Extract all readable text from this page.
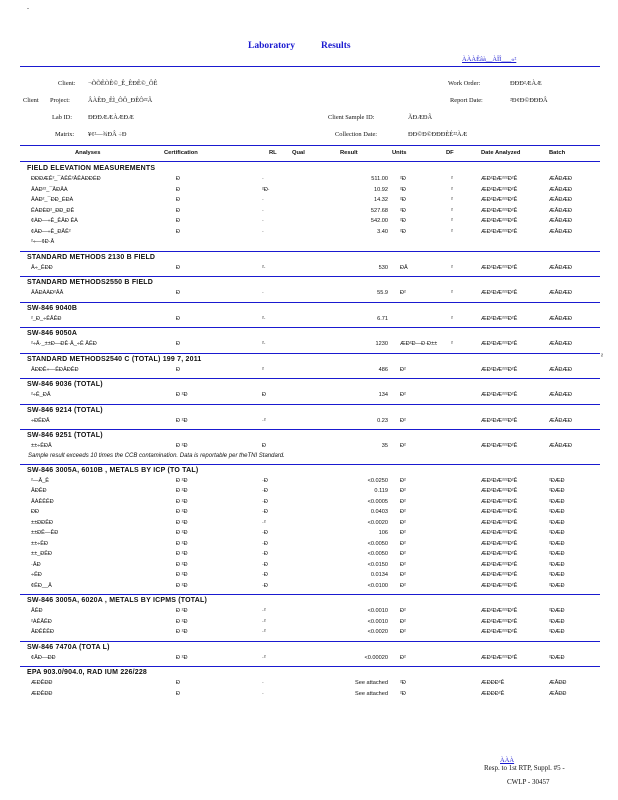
-
Laboratory	Results
ÀÀÀÊâà__ÀÎÎ___«²
Client: ¬ÕÕÊÒÊ©_Ê_ÊÐÊ©_ÔÊ
Client Project:	ÂÀÊÐ_ÊÌ_ÔÔ_ÐÊÔ²²Â
Lab ID: ÐÐÐÆÆÀÆÐÆ
Matrix: ¥¢²—¾ÐÂ ÷Ð
Work Order:	ÐÐÐ²ÆÀÆ
Report Date:	²Ð¢Ð©ÐÐÐÂ
Client Sample ID:	ÃÐÆÐÂ
Collection Date:	ÐÐ©Ð©ÐÐÐÈÉ²²ÀÆ
Analyses	Certification	RL	Qual	Result	Units	DF	Date Analyzed	Batch
FIELD ELEVATION MEASUREMENTS
ÐÐÐÆÊ²_¯ÀÊÊ²ÂÊÀÐÐÉÐ	Ð	·	511.00 ²Ð	²	ÆÐ²ÐÆ²²²Ð²Ê	ÆÂÐÆÐ
ÂÀÐ²²_¯ÂÐÂÀ	Ð	²Ð·	10.92 ²Ð	²	ÆÐ²ÐÆ²²²Ð²Ê	ÆÂÐÆÐ
ÂÀÐ²_¯ÐÐ_ÉÐÀ	Ð	·	14.32 ²Ð	²	ÆÐ²ÐÆ²²²Ð²Ê	ÆÂÐÆÐ
ÊÀÐÈÐ²_ÐÐ_ÐÊ	Ð	·	527.68 ²Ð	²	ÆÐ²ÐÆ²²²Ð²Ê	ÆÂÐÆÐ
¢ÀÐ—÷Ê_ÊÂÐ ÊÀ	Ð	·	542.00 ²Ð	²	ÆÐ²ÐÆ²²²Ð²Ê	ÆÂÐÆÐ
¢ÀÐ—÷Ê_ÐÂÊ²	Ð	·	3.40 ²Ð	²	ÆÐ²ÐÆ²²²Ð²Ê	ÆÂÐÆÐ
²÷—¢Ð·Â
STANDARD METHODS 2130 B FIELD
Â÷_ÊÐÐ	Ð	²·	530 ÐÂ	²	ÆÐ²ÐÆ²²²Ð²Ê	ÆÂÐÆÐ
STANDARD METHODS2550 B FIELD
ÂÂÐÀÀÐ²ÂÂ	Ð	·	55.9 Ð²	²	ÆÐ²ÐÆ²²²Ð²Ê	ÆÂÐÆÐ
SW-846 9040B
²_Ð_÷ÊÂÊÐ	Ð	²·	6.71	²	ÆÐ²ÐÆ²²²Ð²Ê	ÆÂÐÆÐ
SW-846 9050A
²÷Â·_±±Ð—ÐÊ·Â_÷Ê ÂÊÐ	Ð	²·	1230 ÆÐ²Ð—Ð·Ð±± ²	ÆÐ²ÐÆ²²²Ð²Ê	ÆÂÐÆÐ
STANDARD METHODS2540 C (TOTAL) 199 7, 2011
ÂÐÐÊ÷—ÊÐÂÐÊÐ	Ð	²	486 Ð²	ÆÐ²ÐÆ²²²Ð²Ê	ÆÂÐÆÐ
SW-846 9036 (TOTAL)
²÷Ê_ÐÂ	Ð ²Ð	Ð	134 Ð²	ÆÐ²ÐÆ²²²Ð²Ê	ÆÂÐÆÐ
SW-846 9214 (TOTAL)
÷ÐÊÐÂ	Ð ²Ð	·²	0.23 Ð²	ÆÐ²ÐÆ²²²Ð²Ê	ÆÂÐÆÐ
SW-846 9251 (TOTAL)
±±÷ÊÐÂ	Ð ²Ð	Ð	35 Ð²	ÆÐ²ÐÆ²²²Ð²Ê	ÆÂÐÆÐ
Sample result exceeds 10 times the CCB contamination. Data is reportable per theTNI Standard.
SW-846 3005A, 6010B , METALS BY ICP (TO TAL)
²—Â_Ê	Ð ²Ð	·Ð	<0.0250 Ð²	ÆÐ²ÐÆ²²²Ð²Ê	²ÐÆÐ
ÂÐÊÐ	Ð ²Ð	·Ð	0.119 Ð²	ÆÐ²ÐÆ²²²Ð²Ê	²ÐÆÐ
ÂÀÊÊÊÐ	Ð ²Ð	·Ð	<0.0005 Ð²	ÆÐ²ÐÆ²²²Ð²Ê	²ÐÆÐ
ÐÐ	Ð ²Ð	·Ð	0.0403 Ð²	ÆÐ²ÐÆ²²²Ð²Ê	²ÐÆÐ
±±ÐÐÊÐ	Ð ²Ð	·²	<0.0020 Ð²	ÆÐ²ÐÆ²²²Ð²Ê	²ÐÆÐ
±±ÐÊ—ÊÐ	Ð ²Ð	·Ð	106 Ð²	ÆÐ²ÐÆ²²²Ð²Ê	²ÐÆÐ
±±÷ÊÐ	Ð ²Ð	·Ð	<0.0050 Ð²	ÆÐ²ÐÆ²²²Ð²Ê	²ÐÆÐ
±±_ÐÊÐ	Ð ²Ð	·Ð	<0.0050 Ð²	ÆÐ²ÐÆ²²²Ð²Ê	²ÐÆÐ
·ÂÐ	Ð ²Ð	·Ð	<0.0150 Ð²	ÆÐ²ÐÆ²²²Ð²Ê	²ÐÆÐ
÷ÊÐ	Ð ²Ð	·Ð	0.0134 Ð²	ÆÐ²ÐÆ²²²Ð²Ê	²ÐÆÐ
¢ÊÐ__Â	Ð ²Ð	·Ð	<0.0100 Ð²	ÆÐ²ÐÆ²²²Ð²Ê	²ÐÆÐ
SW-846 3005A, 6020A , METALS BY ICPMS (TOTAL)
ÂÊÐ	Ð ²Ð	·²	<0.0010 Ð²	ÆÐ²ÐÆ²²²Ð²Ê	²ÐÆÐ
²ÀÊÂÊÐ	Ð ²Ð	·²	<0.0010 Ð²	ÆÐ²ÐÆ²²²Ð²Ê	²ÐÆÐ
ÂÐÊÊÊÐ	Ð ²Ð	·²	<0.0020 Ð²	ÆÐ²ÐÆ²²²Ð²Ê	²ÐÆÐ
SW-846 7470A (TOTA L)
¢ÂÐ—ÐÐ	Ð ²Ð	·²	<0.00020 Ð²	ÆÐ²ÐÆ²²²Ð²Ê	²ÐÆÐ
EPA 903.0/904.0, RAD IUM 226/228
ÆÐÊÐÐ	Ð	·	See attached ²Ð	ÆÐÐÐ²Ê	ÆÂÐÐ
ÆÐÊÐÐ	Ð	·	See attached ²Ð	ÆÐÐÐ²Ê	ÆÂÐÐ
²
ÀÀÀ
Resp. to 1st RTP, Suppl. #5 -
CWLP - 30457
